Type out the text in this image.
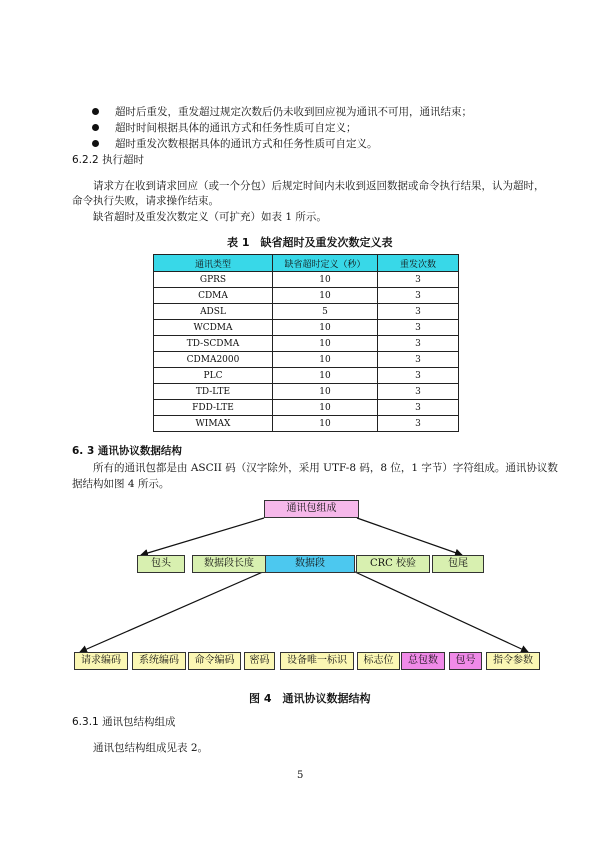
超时后重发，重发超过规定次数后仍未收到回应视为通讯不可用，通讯结束；
超时时间根据具体的通讯方式和任务性质可自定义；
超时重发次数根据具体的通讯方式和任务性质可自定义。
6.2.2 执行超时
请求方在收到请求回应（或一个分包）后规定时间内未收到返回数据或命令执行结果，认为超时，
命令执行失败，请求操作结束。
缺省超时及重发次数定义（可扩充）如表 1 所示。
表 1　缺省超时及重发次数定义表
通讯类型	缺省超时定义（秒）	重发次数
GPRS	10	3
CDMA	10	3
ADSL	5	3
WCDMA	10	3
TD-SCDMA	10	3
CDMA2000	10	3
PLC	10	3
TD-LTE	10	3
FDD-LTE	10	3
WIMAX	10	3
6. 3 通讯协议数据结构
所有的通讯包都是由 ASCII 码（汉字除外，采用 UTF-8 码，8 位，1 字节）字符组成。通讯协议数
据结构如图 4 所示。
通讯包组成
包头	数据段长度	数据段	CRC 校验	包尾
请求编码	系统编码	命令编码	密码	设备唯一标识	标志位	总包数	包号	指令参数
图 4　通讯协议数据结构
6.3.1 通讯包结构组成
通讯包结构组成见表 2。
5
